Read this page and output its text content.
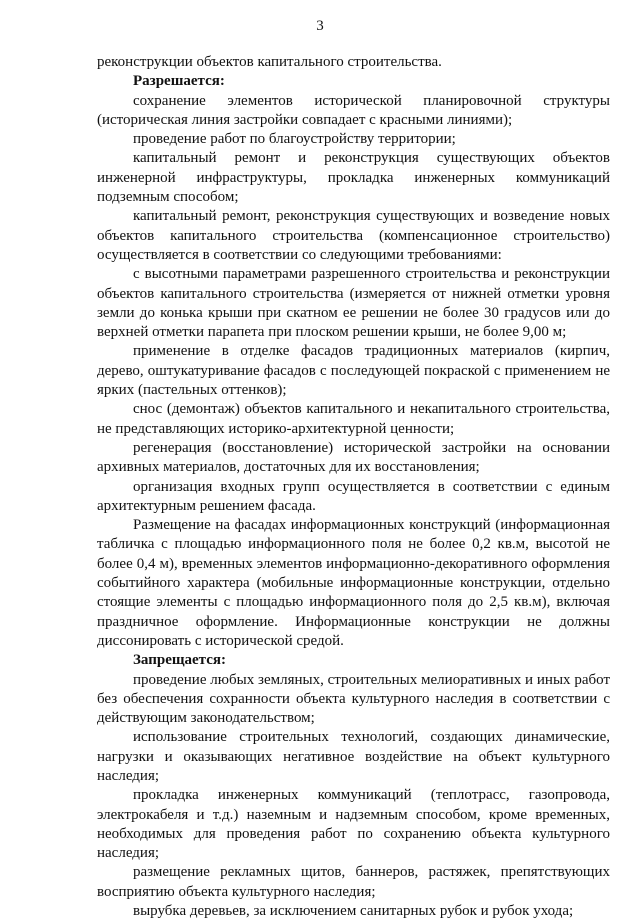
3

реконструкции объектов капитального строительства.

Разрешается:

сохранение элементов исторической планировочной структуры (историческая линия застройки совпадает с красными линиями);

проведение работ по благоустройству территории;

капитальный ремонт и реконструкция существующих объектов инженерной инфраструктуры, прокладка инженерных коммуникаций подземным способом;

капитальный ремонт, реконструкция существующих и возведение новых объектов капитального строительства (компенсационное строительство) осуществляется в соответствии со следующими требованиями:

с высотными параметрами разрешенного строительства и реконструкции объектов капитального строительства (измеряется от нижней отметки уровня земли до конька крыши при скатном ее решении не более 30 градусов или до верхней отметки парапета при плоском решении крыши, не более 9,00 м;

применение в отделке фасадов традиционных материалов (кирпич, дерево, оштукатуривание фасадов с последующей покраской с применением не ярких (пастельных оттенков);

снос (демонтаж) объектов капитального и некапитального строительства, не представляющих историко-архитектурной ценности;

регенерация (восстановление) исторической застройки на основании архивных материалов, достаточных для их восстановления;

организация входных групп осуществляется в соответствии с единым архитектурным решением фасада.

Размещение на фасадах информационных конструкций (информационная табличка с площадью информационного поля не более 0,2 кв.м, высотой не более 0,4 м), временных элементов информационно-декоративного оформления событийного характера (мобильные информационные конструкции, отдельно стоящие элементы с площадью информационного поля до 2,5 кв.м), включая праздничное оформление. Информационные конструкции не должны диссонировать с исторической средой.

Запрещается:

проведение любых земляных, строительных мелиоративных и иных работ без обеспечения сохранности объекта культурного наследия в соответствии с действующим законодательством;

использование строительных технологий, создающих динамические, нагрузки и оказывающих негативное воздействие на объект культурного наследия;

прокладка инженерных коммуникаций (теплотрасс, газопровода, электрокабеля и т.д.) наземным и надземным способом, кроме временных, необходимых для проведения работ по сохранению объекта культурного наследия;

размещение рекламных щитов, баннеров, растяжек, препятствующих восприятию объекта культурного наследия;

вырубка деревьев, за исключением санитарных рубок и рубок ухода;
